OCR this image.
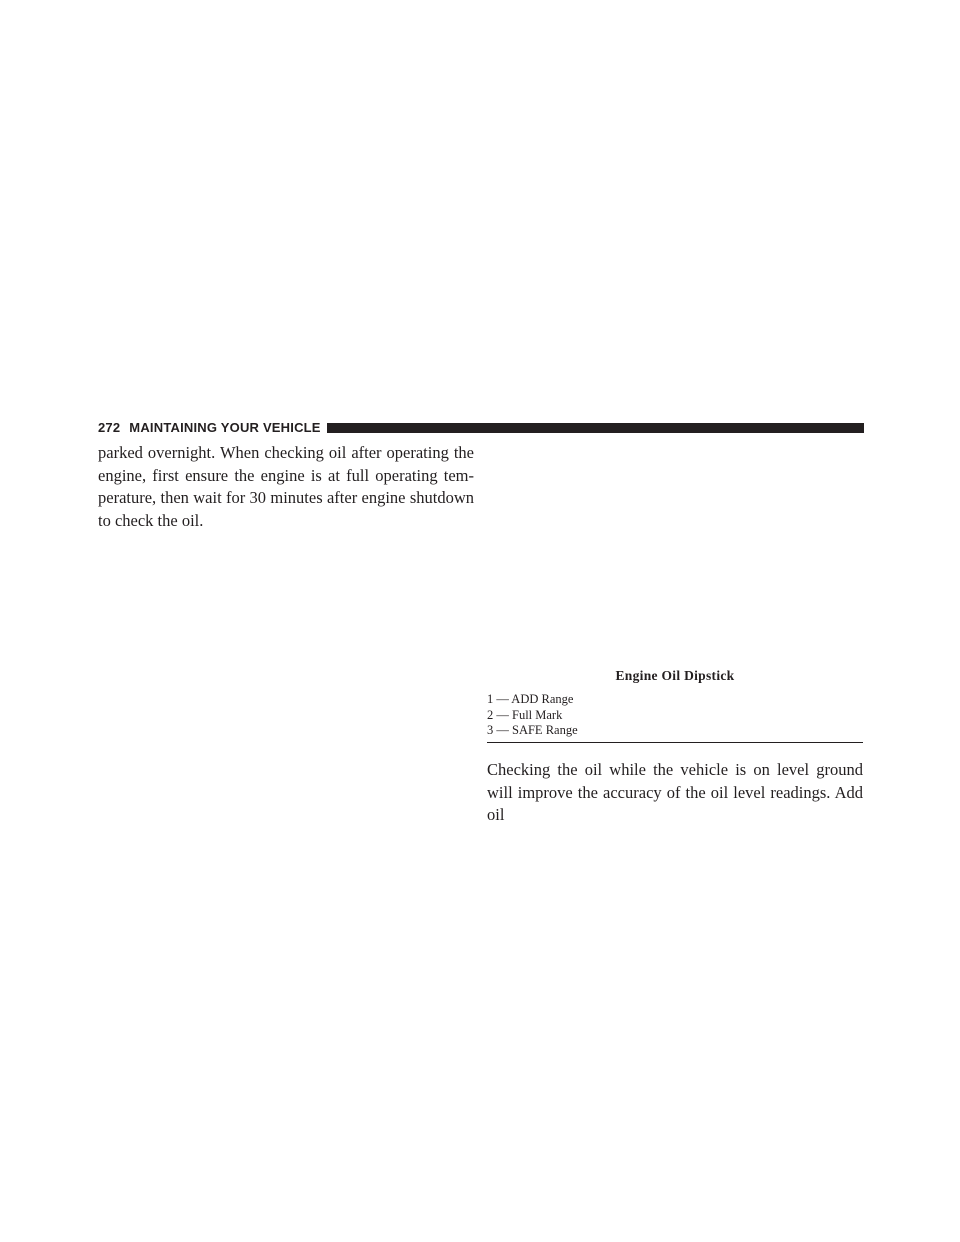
272 MAINTAINING YOUR VEHICLE

parked overnight. When checking oil after operating the engine, first ensure the engine is at full operating tem-perature, then wait for 30 minutes after engine shutdown to check the oil.

Engine Oil Dipstick
1 — ADD Range
2 — Full Mark
3 — SAFE Range

Checking the oil while the vehicle is on level ground will improve the accuracy of the oil level readings. Add oil
